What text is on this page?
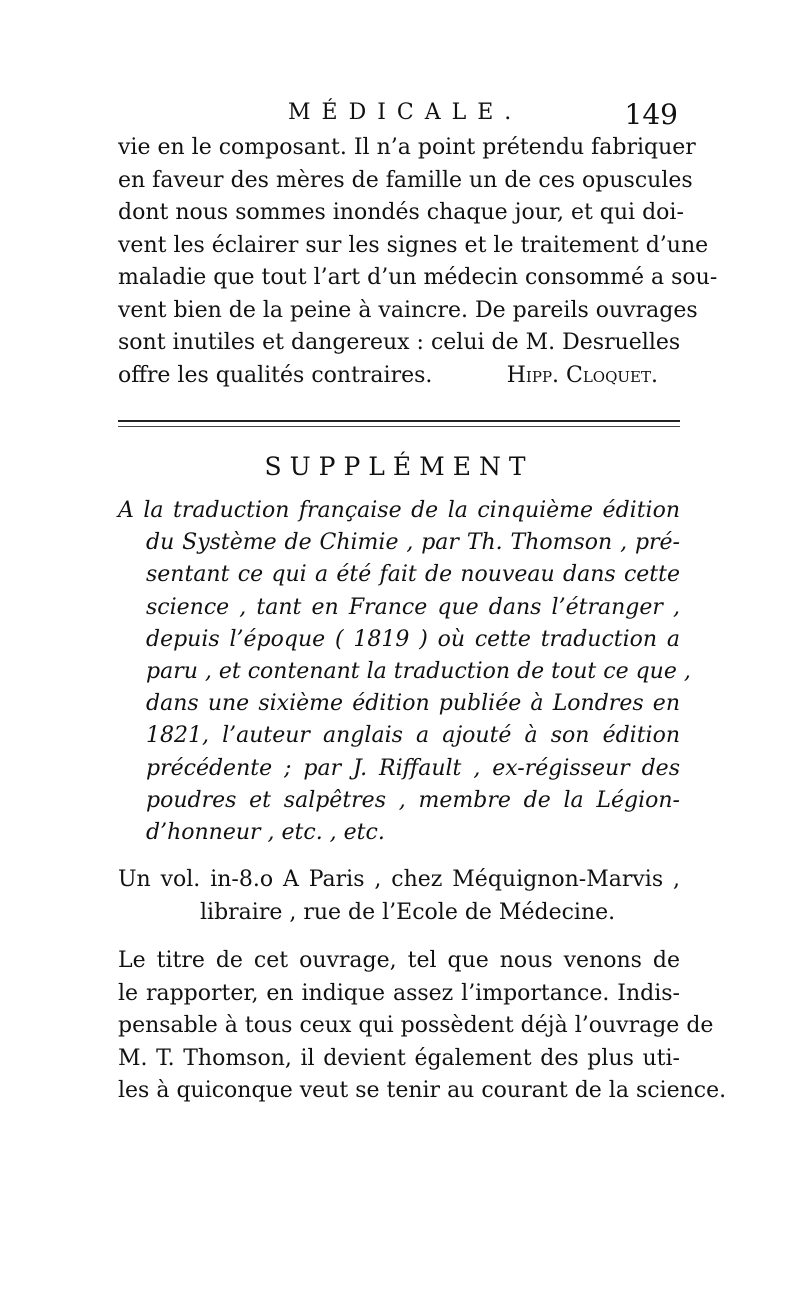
MÉDICALE.	149
vie en le composant. Il n’a point prétendu fabriquer
en faveur des mères de famille un de ces opuscules
dont nous sommes inondés chaque jour, et qui doi-
vent les éclairer sur les signes et le traitement d’une
maladie que tout l’art d’un médecin consommé a sou-
vent bien de la peine à vaincre. De pareils ouvrages
sont inutiles et dangereux : celui de M. Desruelles
offre les qualités contraires.	Hipp. Cloquet.
SUPPLÉMENT
A la traduction française de la cinquième édition
du Système de Chimie , par Th. Thomson , pré-
sentant ce qui a été fait de nouveau dans cette
science , tant en France que dans l’étranger ,
depuis l’époque ( 1819 ) où cette traduction a
paru , et contenant la traduction de tout ce que ,
dans une sixième édition publiée à Londres en
1821, l’auteur anglais a ajouté à son édition
précédente ; par J. Riffault , ex-régisseur des
poudres et salpêtres , membre de la Légion-
d’honneur , etc. , etc.
Un vol. in-8.o A Paris , chez Méquignon-Marvis ,
libraire , rue de l’Ecole de Médecine.
Le titre de cet ouvrage, tel que nous venons de
le rapporter, en indique assez l’importance. Indis-
pensable à tous ceux qui possèdent déjà l’ouvrage de
M. T. Thomson, il devient également des plus uti-
les à quiconque veut se tenir au courant de la science.
